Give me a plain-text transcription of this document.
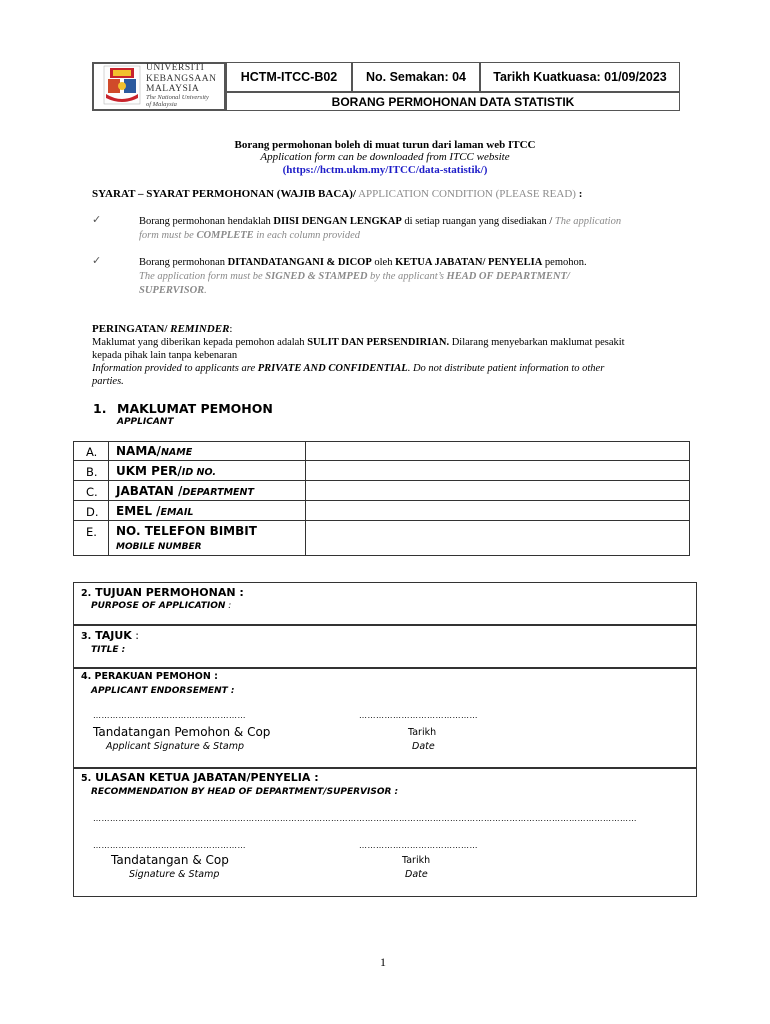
UNIVERSITI
KEBANGSAAN
MALAYSIA
The National University
of Malaysia
HCTM-ITCC-B02	No. Semakan: 04	Tarikh Kuatkuasa: 01/09/2023
BORANG PERMOHONAN DATA STATISTIK
Borang permohonan boleh di muat turun dari laman web ITCC
Application form can be downloaded from ITCC website
(https://hctm.ukm.my/ITCC/data-statistik/)
SYARAT – SYARAT PERMOHONAN (WAJIB BACA)/ APPLICATION CONDITION (PLEASE READ) :
✓	Borang permohonan hendaklah DIISI DENGAN LENGKAP di setiap ruangan yang disediakan / The application
form must be COMPLETE in each column provided
✓	Borang permohonan DITANDATANGANI & DICOP oleh KETUA JABATAN/ PENYELIA pemohon.
The application form must be SIGNED & STAMPED by the applicant’s HEAD OF DEPARTMENT/
SUPERVISOR.
PERINGATAN/ REMINDER:
Maklumat yang diberikan kepada pemohon adalah SULIT DAN PERSENDIRIAN. Dilarang menyebarkan maklumat pesakit
kepada pihak lain tanpa kebenaran
Information provided to applicants are PRIVATE AND CONFIDENTIAL. Do not distribute patient information to other
parties.
1. MAKLUMAT PEMOHON
APPLICANT
A. NAMA/NAME
B. UKM PER/ID NO.
C. JABATAN /DEPARTMENT
D. EMEL /EMAIL
E. NO. TELEFON BIMBIT
MOBILE NUMBER
2. TUJUAN PERMOHONAN :
PURPOSE OF APPLICATION :
3. TAJUK :
TITLE :
4. PERAKUAN PEMOHON :
APPLICANT ENDORSEMENT :
………………………………………………	……………………………………
Tandatangan Pemohon & Cop
Applicant Signature & Stamp
Tarikh
Date
5. ULASAN KETUA JABATAN/PENYELIA :
RECOMMENDATION BY HEAD OF DEPARTMENT/SUPERVISOR :
…………………………………………………………………………………………………………………………………………………………………………
………………………………………………	……………………………………
Tandatangan & Cop
Signature & Stamp
Tarikh
Date
1
